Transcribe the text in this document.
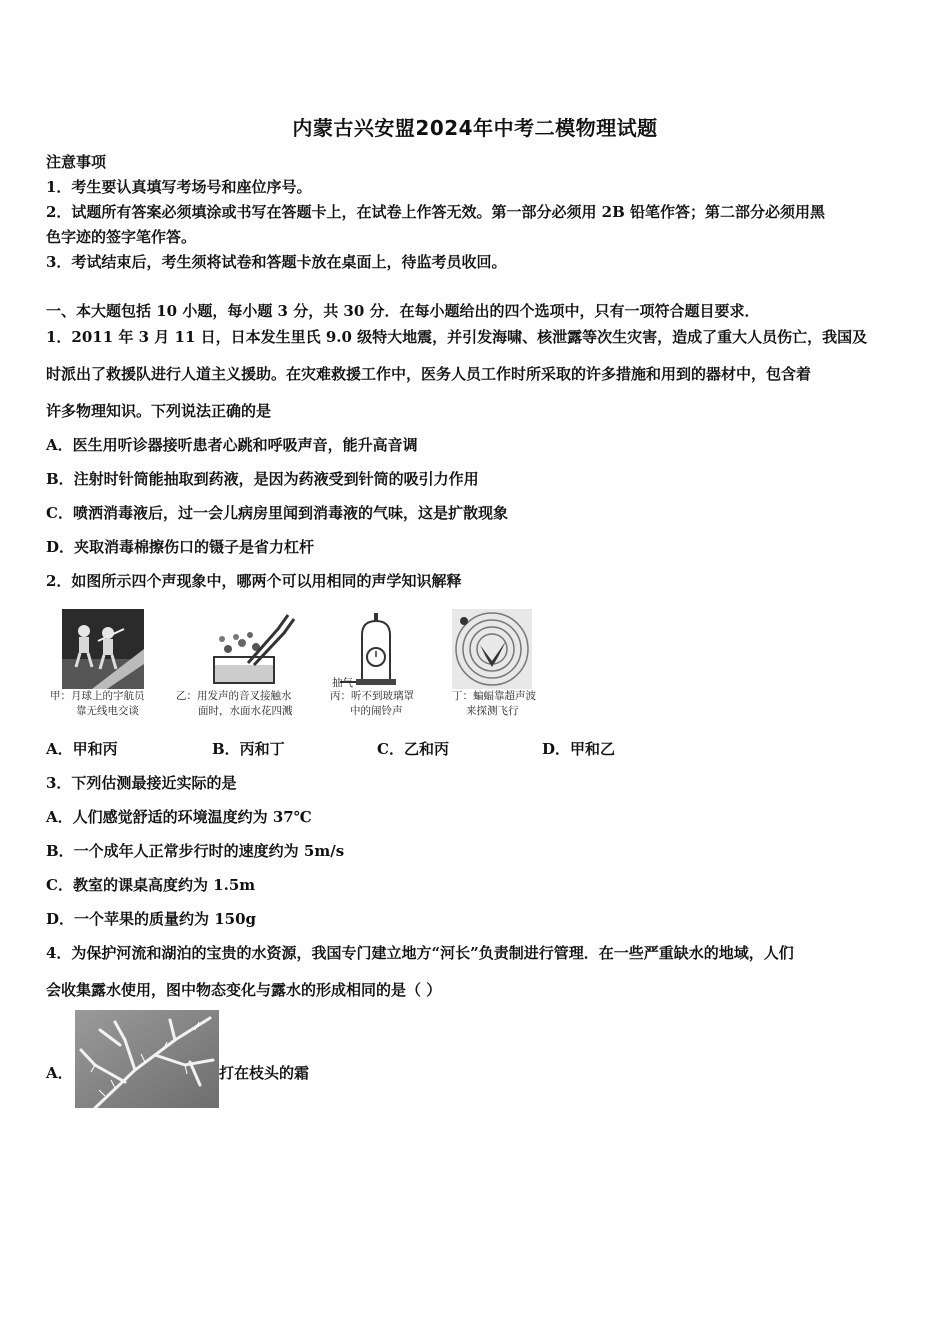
内蒙古兴安盟2024年中考二模物理试题
注意事项
1．考生要认真填写考场号和座位序号。
2．试题所有答案必须填涂或书写在答题卡上，在试卷上作答无效。第一部分必须用 2B 铅笔作答；第二部分必须用黑
色字迹的签字笔作答。
3．考试结束后，考生须将试卷和答题卡放在桌面上，待监考员收回。
一、本大题包括 10 小题，每小题 3 分，共 30 分．在每小题给出的四个选项中，只有一项符合题目要求．
1．2011 年 3 月 11 日，日本发生里氏 9.0 级特大地震，并引发海啸、核泄露等次生灾害，造成了重大人员伤亡，我国及
时派出了救援队进行人道主义援助。在灾难救援工作中，医务人员工作时所采取的许多措施和用到的器材中，包含着
许多物理知识。下列说法正确的是
A．医生用听诊器接听患者心跳和呼吸声音，能升高音调
B．注射时针筒能抽取到药液，是因为药液受到针筒的吸引力作用
C．喷洒消毒液后，过一会儿病房里闻到消毒液的气味，这是扩散现象
D．夹取消毒棉擦伤口的镊子是省力杠杆
2．如图所示四个声现象中，哪两个可以用相同的声学知识解释
甲：月球上的宇航员
靠无线电交谈
乙：用发声的音叉接触水
面时，水面水花四溅
抽气
丙：听不到玻璃罩
中的闹铃声
丁：蝙蝠靠超声波
来探测飞行
A．甲和丙	B．丙和丁	C．乙和丙	D．甲和乙
3．下列估测最接近实际的是
A．人们感觉舒适的环境温度约为 37℃
B．一个成年人正常步行时的速度约为 5m/s
C．教室的课桌高度约为 1.5m
D．一个苹果的质量约为 150g
4．为保护河流和湖泊的宝贵的水资源，我国专门建立地方“河长”负责制进行管理．在一些严重缺水的地域，人们
会收集露水使用，图中物态变化与露水的形成相同的是（ ）
A．	打在枝头的霜
